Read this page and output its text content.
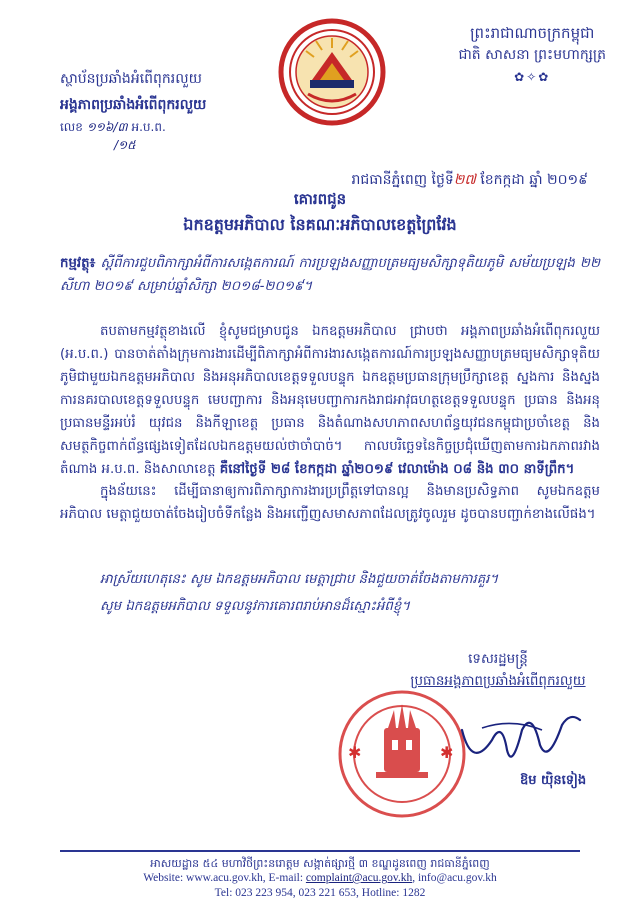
ព្រះរាជាណាចក្រកម្ពុជា
ជាតិ សាសនា ព្រះមហាក្សត្រ
✿✧✿
ស្ថាប័នប្រឆាំងអំពើពុករលួយ
អង្គភាពប្រឆាំងអំពើពុករលួយ
លេខ ១១៦/៣ អ.ប.ព.
/១៥
រាជធានីភ្នំពេញ ថ្ងៃទី២៧ ខែកក្កដា ឆ្នាំ ២០១៩
គោរពជូន
ឯកឧត្តមអភិបាល នៃគណៈអភិបាលខេត្តព្រៃវែង
កម្មវត្ថុ៖ ស្តីពីការជួបពិភាក្សាអំពីការសង្កេតការណ៍ ការប្រឡងសញ្ញាបត្រមធ្យមសិក្សាទុតិយភូមិ សម័យប្រឡង ២២ សីហា ២០១៩ សម្រាប់ឆ្នាំសិក្សា ២០១៨-២០១៩។
តបតាមកម្មវត្ថុខាងលើ ខ្ញុំសូមជម្រាបជូន ឯកឧត្តមអភិបាល ជ្រាបថា អង្គភាពប្រឆាំងអំពើពុករលួយ (អ.ប.ព.) បានចាត់តាំងក្រុមការងារដើម្បីពិភាក្សាអំពីការងារសង្កេតការណ៍ការប្រឡងសញ្ញាបត្រមធ្យមសិក្សាទុតិយភូមិជាមួយឯកឧត្តមអភិបាល និងអនុអភិបាលខេត្តទទួលបន្ទុក ឯកឧត្តមប្រធានក្រុមប្រឹក្សាខេត្ត ស្នងការ និងស្នងការនគរបាលខេត្តទទួលបន្ទុក មេបញ្ជាការ និងអនុមេបញ្ជាការកងរាជអាវុធហត្ថខេត្តទទួលបន្ទុក ប្រធាន និងអនុប្រធានមន្ទីរអប់រំ យុវជន និងកីឡាខេត្ត ប្រធាន និងតំណាងសហភាពសហព័ន្ធយុវជនកម្ពុជាប្រចាំខេត្ត និងសមត្ថកិច្ចពាក់ព័ន្ធផ្សេងទៀតដែលឯកឧត្តមយល់ថាចាំបាច់។ កាលបរិច្ឆេទនៃកិច្ចប្រជុំឃើញតាមការឯកភាពរវាងតំណាង អ.ប.ព. និងសាលាខេត្ត គឺនៅថ្ងៃទី ២៨ ខែកក្កដា ឆ្នាំ២០១៩ វេលាម៉ោង ០៨ និង ៣០ នាទីព្រឹក។
ក្នុងន័យនេះ ដើម្បីធានាឲ្យការពិភាក្សាការងារប្រព្រឹត្តទៅបានល្អ និងមានប្រសិទ្ធភាព សូមឯកឧត្តមអភិបាល មេត្តាជួយចាត់ចែងរៀបចំទីកន្លែង និងអញ្ជើញសមាសភាពដែលត្រូវចូលរួម ដូចបានបញ្ជាក់ខាងលើផង។
អាស្រ័យហេតុនេះ សូម ឯកឧត្តមអភិបាល មេត្តាជ្រាប និងជួយចាត់ចែងតាមការគួរ។
សូម ឯកឧត្តមអភិបាល ទទួលនូវការគោរពរាប់អានដ៏ស្មោះអំពីខ្ញុំ។
ទេសរដ្ឋមន្ត្រី
ប្រធានអង្គភាពប្រឆាំងអំពើពុករលួយ
✱	✱
ឱម យ៉ិនទៀង
អាសយដ្ឋាន ៥៤ មហាវិថីព្រះនរោត្តម សង្កាត់ផ្សារថ្មី ៣ ខណ្ឌដូនពេញ រាជធានីភ្នំពេញ
Website: www.acu.gov.kh, E-mail: complaint@acu.gov.kh, info@acu.gov.kh
Tel: 023 223 954, 023 221 653, Hotline: 1282
